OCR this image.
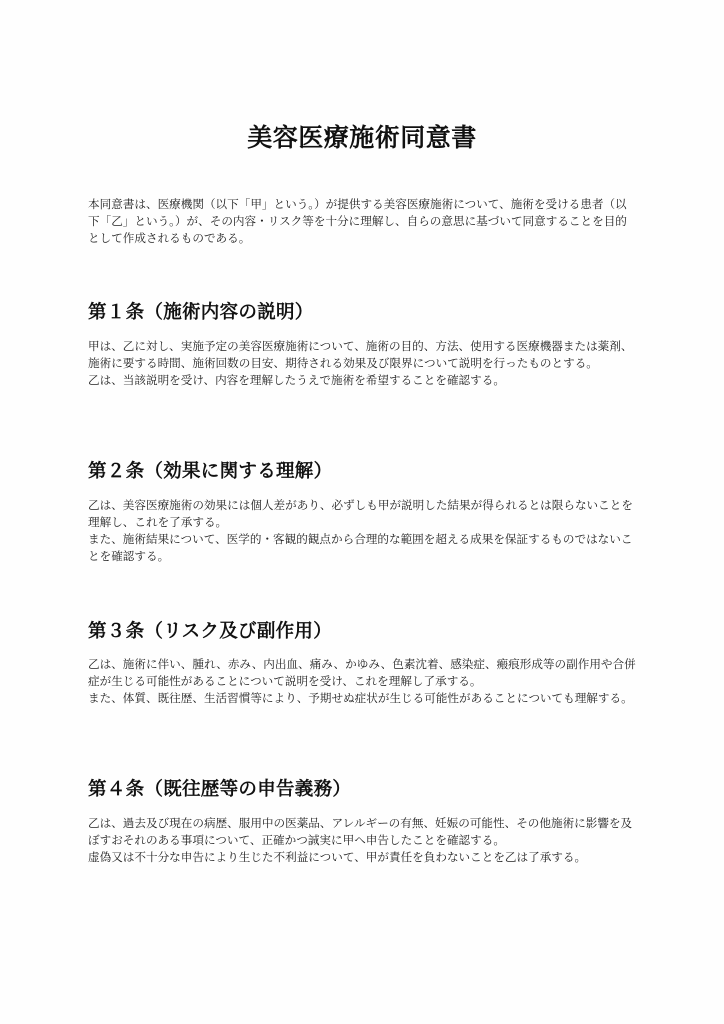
美容医療施術同意書

本同意書は、医療機関（以下「甲」という。）が提供する美容医療施術について、施術を受ける患者（以下「乙」という。）が、その内容・リスク等を十分に理解し、自らの意思に基づいて同意することを目的として作成されるものである。

第１条（施術内容の説明）

甲は、乙に対し、実施予定の美容医療施術について、施術の目的、方法、使用する医療機器または薬剤、施術に要する時間、施術回数の目安、期待される効果及び限界について説明を行ったものとする。

乙は、当該説明を受け、内容を理解したうえで施術を希望することを確認する。

第２条（効果に関する理解）

乙は、美容医療施術の効果には個人差があり、必ずしも甲が説明した結果が得られるとは限らないことを理解し、これを了承する。

また、施術結果について、医学的・客観的観点から合理的な範囲を超える成果を保証するものではないことを確認する。

第３条（リスク及び副作用）

乙は、施術に伴い、腫れ、赤み、内出血、痛み、かゆみ、色素沈着、感染症、瘢痕形成等の副作用や合併症が生じる可能性があることについて説明を受け、これを理解し了承する。

また、体質、既往歴、生活習慣等により、予期せぬ症状が生じる可能性があることについても理解する。

第４条（既往歴等の申告義務）

乙は、過去及び現在の病歴、服用中の医薬品、アレルギーの有無、妊娠の可能性、その他施術に影響を及ぼすおそれのある事項について、正確かつ誠実に甲へ申告したことを確認する。

虚偽又は不十分な申告により生じた不利益について、甲が責任を負わないことを乙は了承する。
